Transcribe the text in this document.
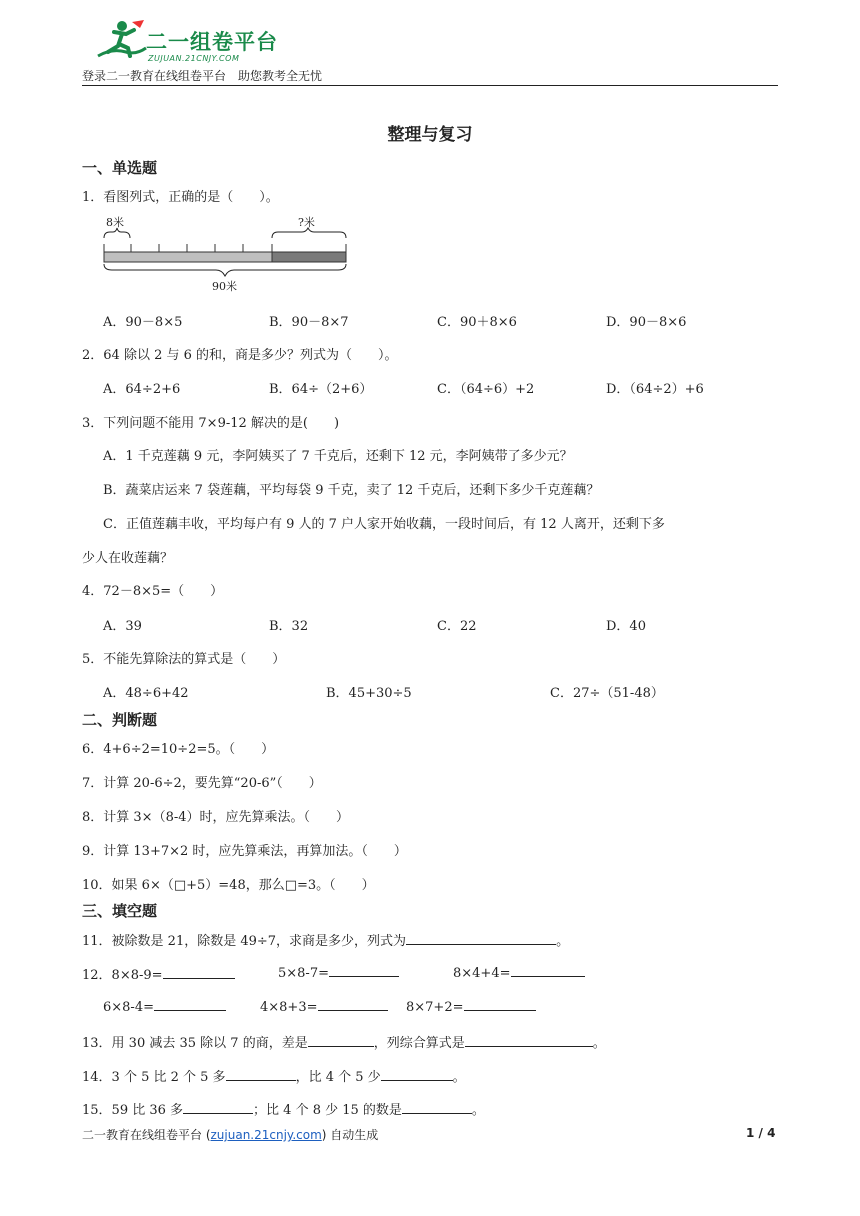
二一组卷平台
ZUJUAN.21CNJY.COM
登录二一教育在线组卷平台　助您教考全无忧
整理与复习
一、单选题
1．看图列式，正确的是（　　）。
8米	?米
90米
A．90－8×5	B．90－8×7	C．90＋8×6	D．90－8×6
2．64 除以 2 与 6 的和，商是多少？列式为（　　）。
A．64÷2+6	B．64÷（2+6）	C．（64÷6）+2	D．（64÷2）+6
3．下列问题不能用 7×9-12 解决的是(　　)
A．1 千克莲藕 9 元，李阿姨买了 7 千克后，还剩下 12 元，李阿姨带了多少元？
B．蔬菜店运来 7 袋莲藕，平均每袋 9 千克，卖了 12 千克后，还剩下多少千克莲藕？
C．正值莲藕丰收，平均每户有 9 人的 7 户人家开始收藕，一段时间后，有 12 人离开，还剩下多
少人在收莲藕？
4．72－8×5=（　　）
A．39	B．32	C．22	D．40
5．不能先算除法的算式是（　　）
A．48÷6+42	B．45+30÷5	C．27÷（51-48）
二、判断题
6．4+6÷2=10÷2=5。（　　）
7．计算 20-6÷2，要先算“20-6”（　　）
8．计算 3×（8-4）时，应先算乘法。（　　）
9．计算 13+7×2 时，应先算乘法，再算加法。（　　）
10．如果 6×（□+5）=48，那么□=3。（　　）
三、填空题
11．被除数是 21，除数是 49÷7，求商是多少，列式为	。
12．8×8-9=	5×8-7=	8×4+4=
6×8-4=	4×8+3=	8×7+2=
13．用 30 减去 35 除以 7 的商，差是	，列综合算式是	。
14．3 个 5 比 2 个 5 多	，比 4 个 5 少	。
15．59 比 36 多	；比 4 个 8 少 15 的数是	。
二一教育在线组卷平台 (zujuan.21cnjy.com) 自动生成	1 / 4
